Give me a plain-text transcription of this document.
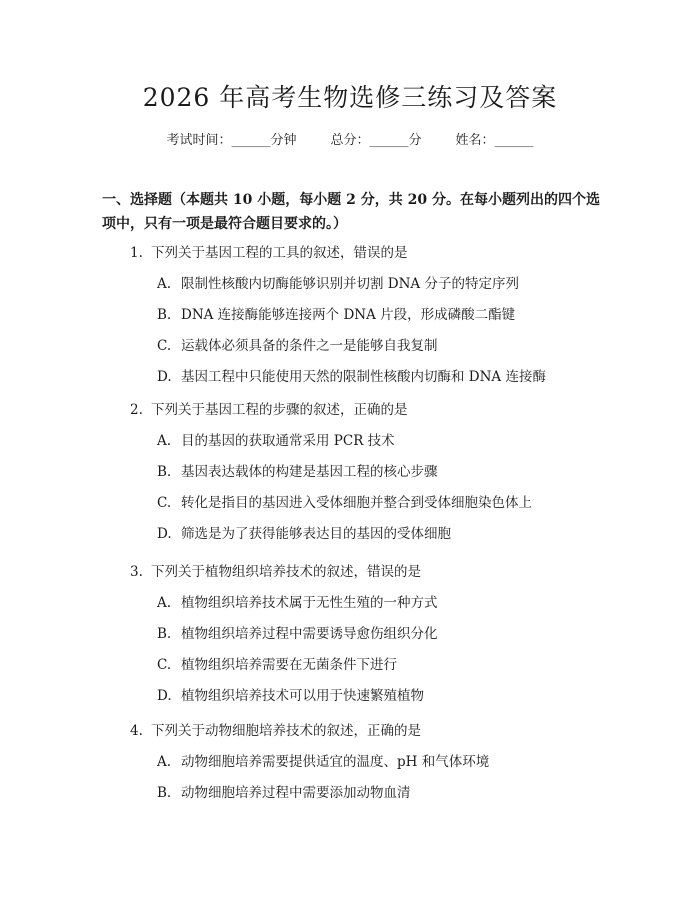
2026 年高考生物选修三练习及答案
考试时间：______分钟	总分：______分	姓名：______
一、选择题（本题共 10 小题，每小题 2 分，共 20 分。在每小题列出的四个选项中，只有一项是最符合题目要求的。）
1. 下列关于基因工程的工具的叙述，错误的是
A. 限制性核酸内切酶能够识别并切割 DNA 分子的特定序列
B. DNA 连接酶能够连接两个 DNA 片段，形成磷酸二酯键
C. 运载体必须具备的条件之一是能够自我复制
D. 基因工程中只能使用天然的限制性核酸内切酶和 DNA 连接酶
2. 下列关于基因工程的步骤的叙述，正确的是
A. 目的基因的获取通常采用 PCR 技术
B. 基因表达载体的构建是基因工程的核心步骤
C. 转化是指目的基因进入受体细胞并整合到受体细胞染色体上
D. 筛选是为了获得能够表达目的基因的受体细胞
3. 下列关于植物组织培养技术的叙述，错误的是
A. 植物组织培养技术属于无性生殖的一种方式
B. 植物组织培养过程中需要诱导愈伤组织分化
C. 植物组织培养需要在无菌条件下进行
D. 植物组织培养技术可以用于快速繁殖植物
4. 下列关于动物细胞培养技术的叙述，正确的是
A. 动物细胞培养需要提供适宜的温度、pH 和气体环境
B. 动物细胞培养过程中需要添加动物血清
